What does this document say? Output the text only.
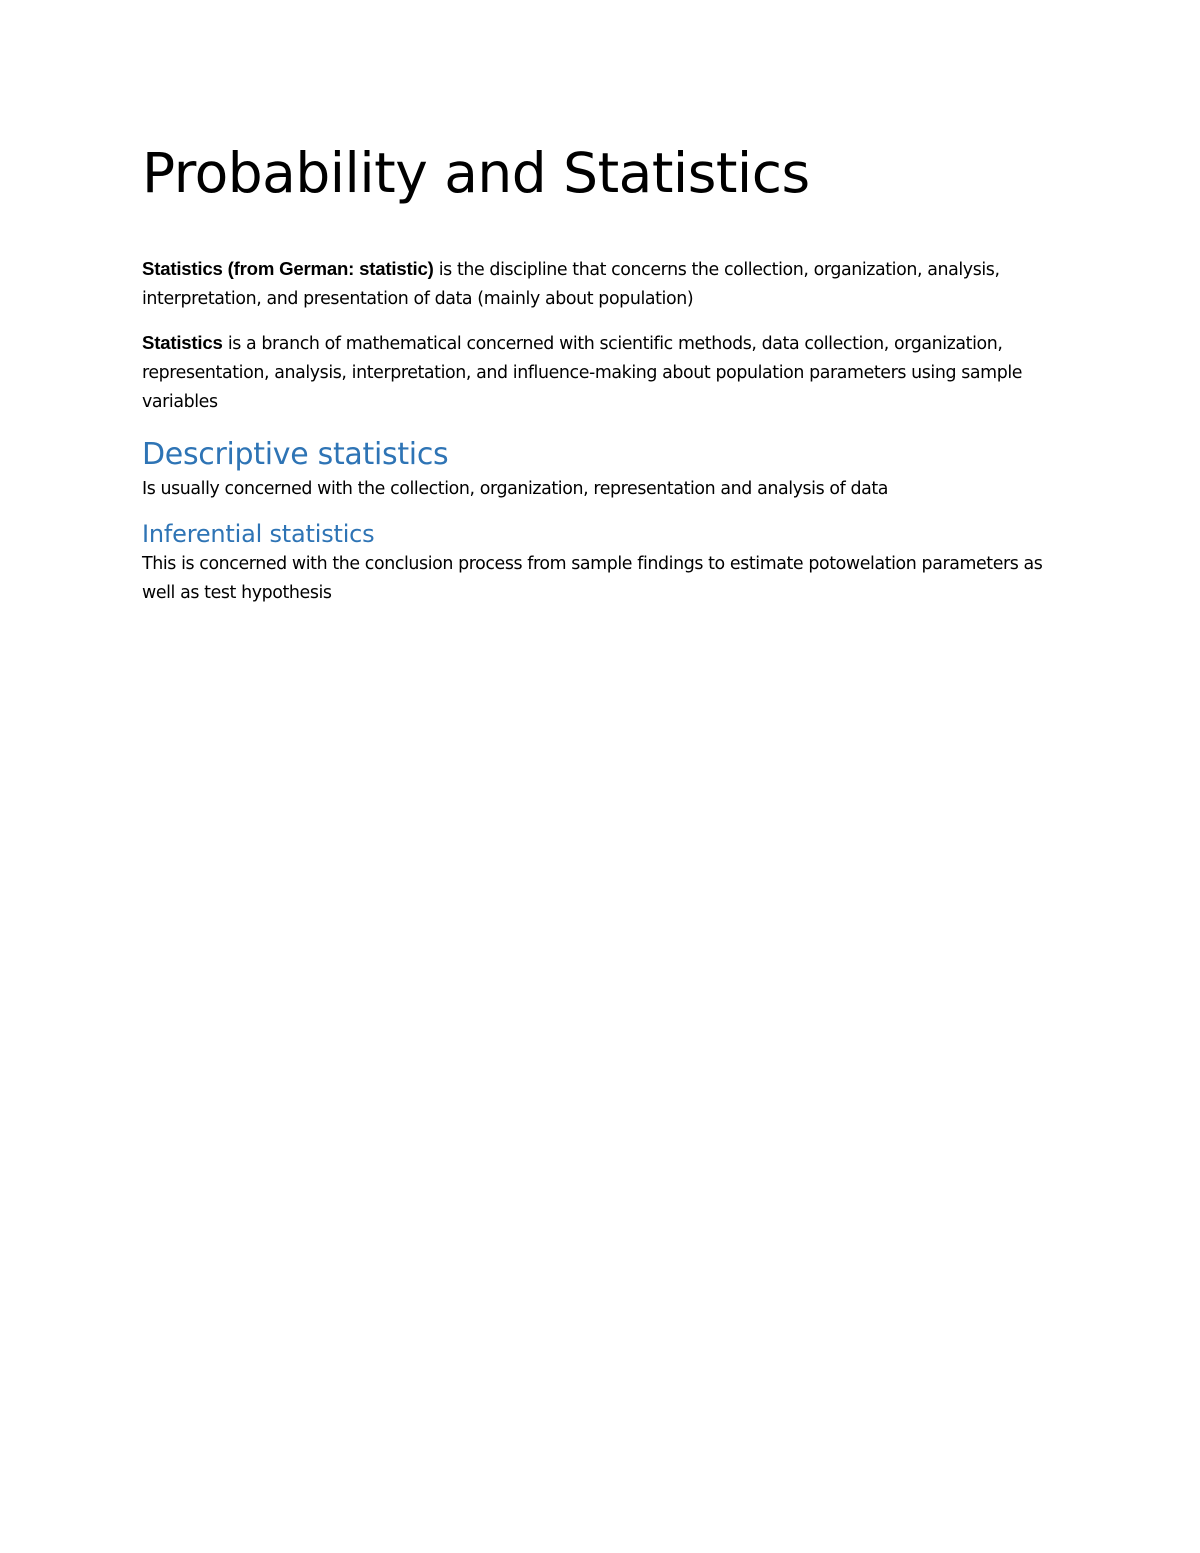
Probability and Statistics

Statistics (from German: statistic) is the discipline that concerns the collection, organization, analysis, interpretation, and presentation of data (mainly about population)

Statistics is a branch of mathematical concerned with scientific methods, data collection, organization, representation, analysis, interpretation, and influence-making about population parameters using sample variables

Descriptive statistics

Is usually concerned with the collection, organization, representation and analysis of data

Inferential statistics

This is concerned with the conclusion process from sample findings to estimate potowelation parameters as well as test hypothesis
